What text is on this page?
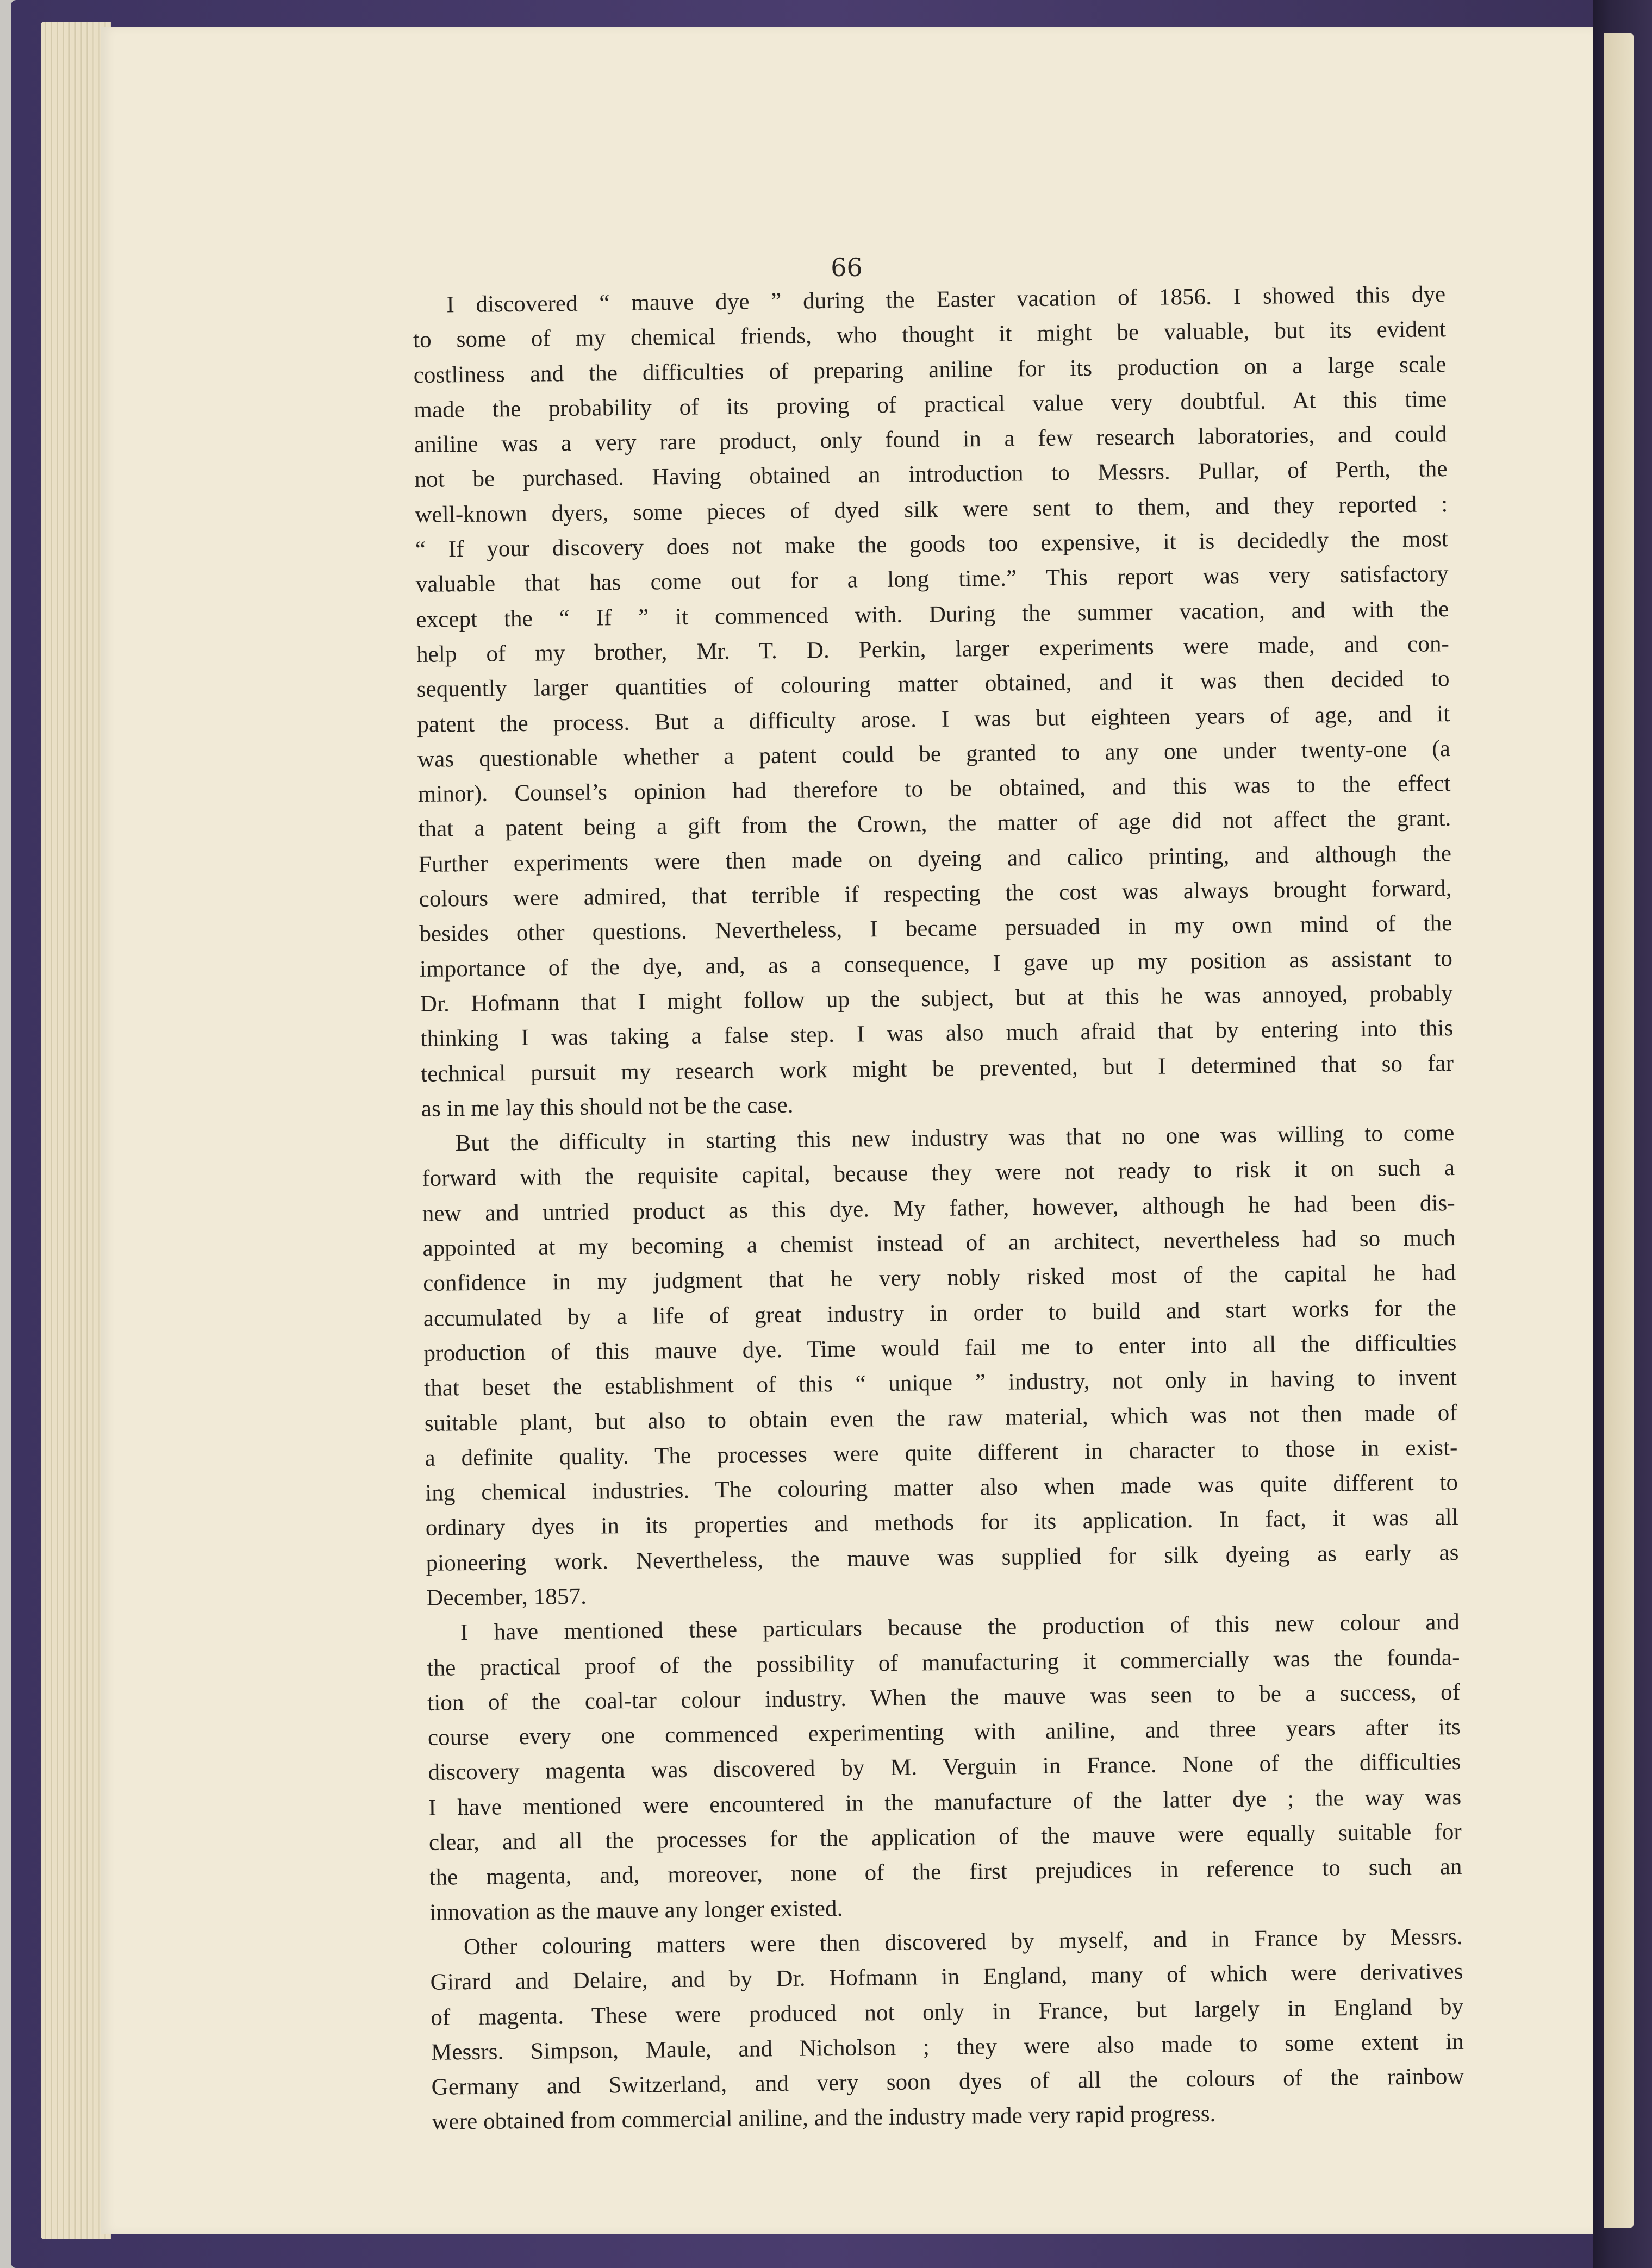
66
I discovered “ mauve dye ” during the Easter vacation of 1856. I showed this dye
to some of my chemical friends, who thought it might be valuable, but its evident
costliness and the difficulties of preparing aniline for its production on a large scale
made the probability of its proving of practical value very doubtful. At this time
aniline was a very rare product, only found in a few research laboratories, and could
not be purchased. Having obtained an introduction to Messrs. Pullar, of Perth, the
well-known dyers, some pieces of dyed silk were sent to them, and they reported :
“ If your discovery does not make the goods too expensive, it is decidedly the most
valuable that has come out for a long time.” This report was very satisfactory
except the “ If ” it commenced with. During the summer vacation, and with the
help of my brother, Mr. T. D. Perkin, larger experiments were made, and con-
sequently larger quantities of colouring matter obtained, and it was then decided to
patent the process. But a difficulty arose. I was but eighteen years of age, and it
was questionable whether a patent could be granted to any one under twenty-one (a
minor). Counsel’s opinion had therefore to be obtained, and this was to the effect
that a patent being a gift from the Crown, the matter of age did not affect the grant.
Further experiments were then made on dyeing and calico printing, and although the
colours were admired, that terrible if respecting the cost was always brought forward,
besides other questions. Nevertheless, I became persuaded in my own mind of the
importance of the dye, and, as a consequence, I gave up my position as assistant to
Dr. Hofmann that I might follow up the subject, but at this he was annoyed, probably
thinking I was taking a false step. I was also much afraid that by entering into this
technical pursuit my research work might be prevented, but I determined that so far
as in me lay this should not be the case.
But the difficulty in starting this new industry was that no one was willing to come
forward with the requisite capital, because they were not ready to risk it on such a
new and untried product as this dye. My father, however, although he had been dis-
appointed at my becoming a chemist instead of an architect, nevertheless had so much
confidence in my judgment that he very nobly risked most of the capital he had
accumulated by a life of great industry in order to build and start works for the
production of this mauve dye. Time would fail me to enter into all the difficulties
that beset the establishment of this “ unique ” industry, not only in having to invent
suitable plant, but also to obtain even the raw material, which was not then made of
a definite quality. The processes were quite different in character to those in exist-
ing chemical industries. The colouring matter also when made was quite different to
ordinary dyes in its properties and methods for its application. In fact, it was all
pioneering work. Nevertheless, the mauve was supplied for silk dyeing as early as
December, 1857.
I have mentioned these particulars because the production of this new colour and
the practical proof of the possibility of manufacturing it commercially was the founda-
tion of the coal-tar colour industry. When the mauve was seen to be a success, of
course every one commenced experimenting with aniline, and three years after its
discovery magenta was discovered by M. Verguin in France. None of the difficulties
I have mentioned were encountered in the manufacture of the latter dye ; the way was
clear, and all the processes for the application of the mauve were equally suitable for
the magenta, and, moreover, none of the first prejudices in reference to such an
innovation as the mauve any longer existed.
Other colouring matters were then discovered by myself, and in France by Messrs.
Girard and Delaire, and by Dr. Hofmann in England, many of which were derivatives
of magenta. These were produced not only in France, but largely in England by
Messrs. Simpson, Maule, and Nicholson ; they were also made to some extent in
Germany and Switzerland, and very soon dyes of all the colours of the rainbow
were obtained from commercial aniline, and the industry made very rapid progress.
